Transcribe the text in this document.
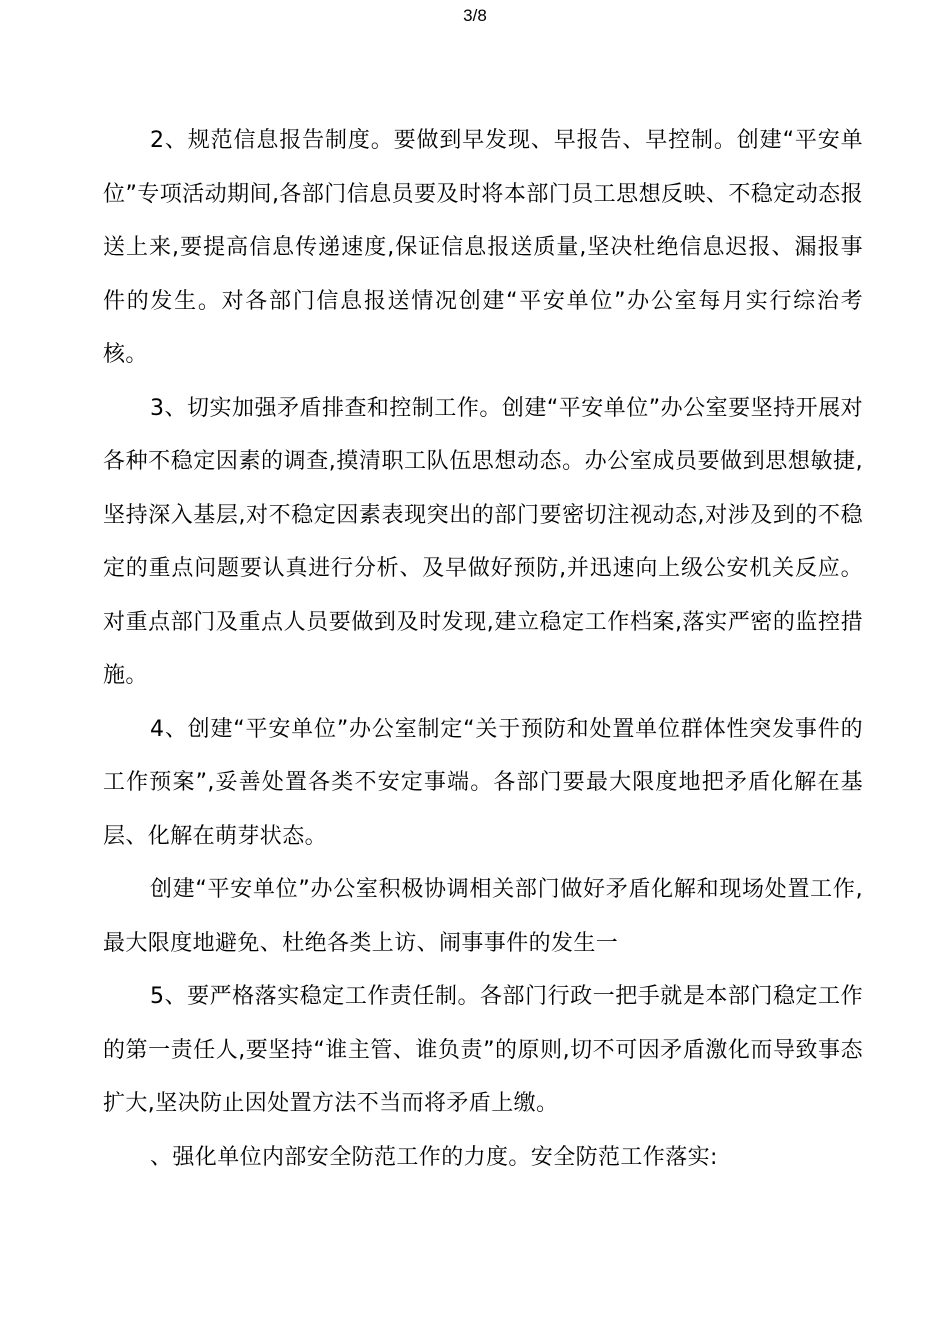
3/8

2、规范信息报告制度。要做到早发现、早报告、早控制。创建“平安单位”专项活动期间,各部门信息员要及时将本部门员工思想反映、不稳定动态报送上来,要提高信息传递速度,保证信息报送质量,坚决杜绝信息迟报、漏报事件的发生。对各部门信息报送情况创建“平安单位”办公室每月实行综治考核。

3、切实加强矛盾排查和控制工作。创建“平安单位”办公室要坚持开展对各种不稳定因素的调查,摸清职工队伍思想动态。办公室成员要做到思想敏捷,坚持深入基层,对不稳定因素表现突出的部门要密切注视动态,对涉及到的不稳定的重点问题要认真进行分析、及早做好预防,并迅速向上级公安机关反应。对重点部门及重点人员要做到及时发现,建立稳定工作档案,落实严密的监控措施。

4、创建“平安单位”办公室制定“关于预防和处置单位群体性突发事件的工作预案”,妥善处置各类不安定事端。各部门要最大限度地把矛盾化解在基层、化解在萌芽状态。

创建“平安单位”办公室积极协调相关部门做好矛盾化解和现场处置工作,最大限度地避免、杜绝各类上访、闹事事件的发生一

5、要严格落实稳定工作责任制。各部门行政一把手就是本部门稳定工作的第一责任人,要坚持“谁主管、谁负责”的原则,切不可因矛盾激化而导致事态扩大,坚决防止因处置方法不当而将矛盾上缴。

、强化单位内部安全防范工作的力度。安全防范工作落实:
